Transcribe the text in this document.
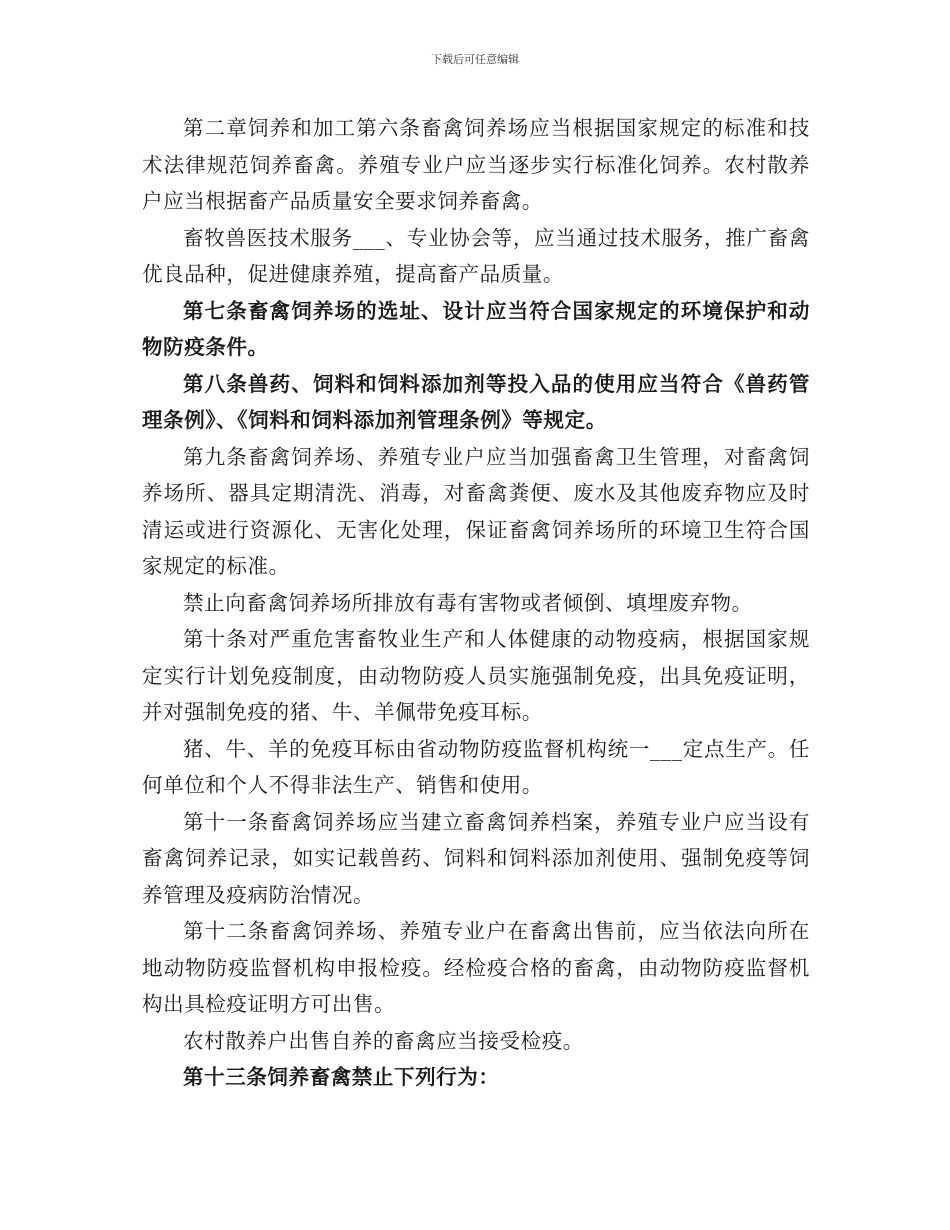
下载后可任意编辑

第二章饲养和加工第六条畜禽饲养场应当根据国家规定的标准和技术法律规范饲养畜禽。养殖专业户应当逐步实行标准化饲养。农村散养户应当根据畜产品质量安全要求饲养畜禽。

畜牧兽医技术服务___、专业协会等，应当通过技术服务，推广畜禽优良品种，促进健康养殖，提高畜产品质量。

第七条畜禽饲养场的选址、设计应当符合国家规定的环境保护和动物防疫条件。

第八条兽药、饲料和饲料添加剂等投入品的使用应当符合《兽药管理条例》、《饲料和饲料添加剂管理条例》等规定。

第九条畜禽饲养场、养殖专业户应当加强畜禽卫生管理，对畜禽饲养场所、器具定期清洗、消毒，对畜禽粪便、废水及其他废弃物应及时清运或进行资源化、无害化处理，保证畜禽饲养场所的环境卫生符合国家规定的标准。

禁止向畜禽饲养场所排放有毒有害物或者倾倒、填埋废弃物。

第十条对严重危害畜牧业生产和人体健康的动物疫病，根据国家规定实行计划免疫制度，由动物防疫人员实施强制免疫，出具免疫证明，并对强制免疫的猪、牛、羊佩带免疫耳标。

猪、牛、羊的免疫耳标由省动物防疫监督机构统一___定点生产。任何单位和个人不得非法生产、销售和使用。

第十一条畜禽饲养场应当建立畜禽饲养档案，养殖专业户应当设有畜禽饲养记录，如实记载兽药、饲料和饲料添加剂使用、强制免疫等饲养管理及疫病防治情况。

第十二条畜禽饲养场、养殖专业户在畜禽出售前，应当依法向所在地动物防疫监督机构申报检疫。经检疫合格的畜禽，由动物防疫监督机构出具检疫证明方可出售。

农村散养户出售自养的畜禽应当接受检疫。

第十三条饲养畜禽禁止下列行为：
